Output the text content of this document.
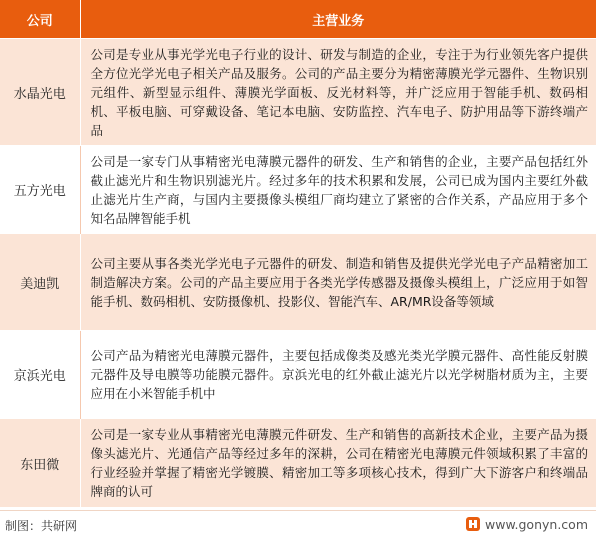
公司	主营业务
水晶光电	公司是专业从事光学光电子行业的设计、研发与制造的企业，专注于为行业领先客户提供全方位光学光电子相关产品及服务。公司的产品主要分为精密薄膜光学元器件、生物识别元组件、新型显示组件、薄膜光学面板、反光材料等，并广泛应用于智能手机、数码相机、平板电脑、可穿戴设备、笔记本电脑、安防监控、汽车电子、防护用品等下游终端产品
五方光电	公司是一家专门从事精密光电薄膜元器件的研发、生产和销售的企业，主要产品包括红外截止滤光片和生物识别滤光片。经过多年的技术积累和发展，公司已成为国内主要红外截止滤光片生产商，与国内主要摄像头模组厂商均建立了紧密的合作关系，产品应用于多个知名品牌智能手机
美迪凯	公司主要从事各类光学光电子元器件的研发、制造和销售及提供光学光电子产品精密加工制造解决方案。公司的产品主要应用于各类光学传感器及摄像头模组上，广泛应用于如智能手机、数码相机、安防摄像机、投影仪、智能汽车、AR/MR设备等领域
京浜光电	公司产品为精密光电薄膜元器件，主要包括成像类及感光类光学膜元器件、高性能反射膜元器件及导电膜等功能膜元器件。京浜光电的红外截止滤光片以光学树脂材质为主，主要应用在小米智能手机中
东田微	公司是一家专业从事精密光电薄膜元件研发、生产和销售的高新技术企业，主要产品为摄像头滤光片、光通信产品等经过多年的深耕，公司在精密光电薄膜元件领域积累了丰富的行业经验并掌握了精密光学镀膜、精密加工等多项核心技术，得到广大下游客户和终端品牌商的认可
制图：共研网	www.gonyn.com
